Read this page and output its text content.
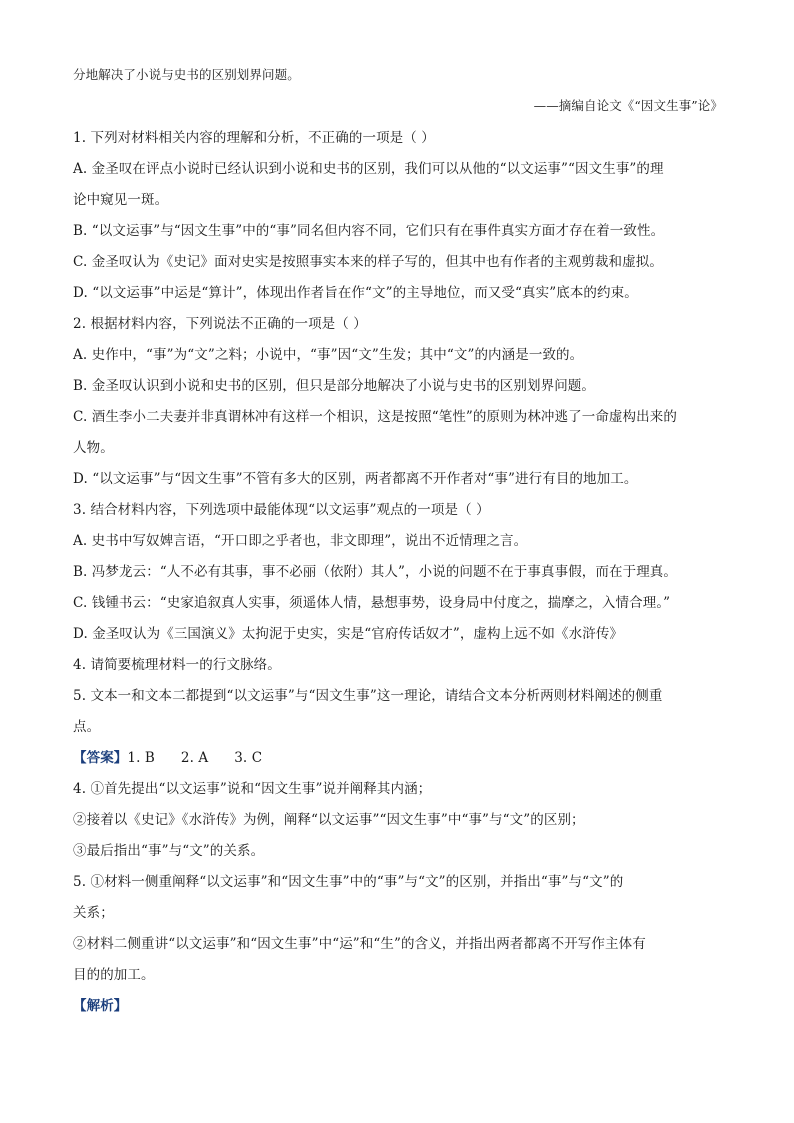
分地解决了小说与史书的区别划界问题。
——摘编自论文《“因文生事”论》
1. 下列对材料相关内容的理解和分析，不正确的一项是（ ）
A. 金圣叹在评点小说时已经认识到小说和史书的区别，我们可以从他的“以文运事”“因文生事”的理
论中窥见一斑。
B. “以文运事”与“因文生事”中的“事”同名但内容不同，它们只有在事件真实方面才存在着一致性。
C. 金圣叹认为《史记》面对史实是按照事实本来的样子写的，但其中也有作者的主观剪裁和虚拟。
D. “以文运事”中运是“算计”，体现出作者旨在作“文”的主导地位，而又受“真实”底本的约束。
2. 根据材料内容，下列说法不正确的一项是（ ）
A. 史作中，“事”为“文”之料；小说中，“事”因“文”生发；其中“文”的内涵是一致的。
B. 金圣叹认识到小说和史书的区别，但只是部分地解决了小说与史书的区别划界问题。
C. 酒生李小二夫妻并非真谓林冲有这样一个相识，这是按照“笔性”的原则为林冲逃了一命虚构出来的
人物。
D. “以文运事”与“因文生事”不管有多大的区别，两者都离不开作者对“事”进行有目的地加工。
3. 结合材料内容，下列选项中最能体现“以文运事”观点的一项是（ ）
A. 史书中写奴婢言语，“开口即之乎者也，非文即理”，说出不近情理之言。
B. 冯梦龙云：“人不必有其事，事不必丽（依附）其人”，小说的问题不在于事真事假，而在于理真。
C. 钱锺书云：“史家追叙真人实事，须遥体人情，悬想事势，设身局中付度之，揣摩之，入情合理。”
D. 金圣叹认为《三国演义》太拘泥于史实，实是“官府传话奴才”，虚构上远不如《水浒传》
4. 请简要梳理材料一的行文脉络。
5. 文本一和文本二都提到“以文运事”与“因文生事”这一理论，请结合文本分析两则材料阐述的侧重
点。
【答案】1. B 2. A 3. C
4. ①首先提出“以文运事”说和“因文生事”说并阐释其内涵；
②接着以《史记》《水浒传》为例，阐释“以文运事”“因文生事”中“事”与“文”的区别；
③最后指出“事”与“文”的关系。
5. ①材料一侧重阐释“以文运事”和“因文生事”中的“事”与“文”的区别，并指出“事”与“文”的
关系；
②材料二侧重讲“以文运事”和“因文生事”中“运”和“生”的含义，并指出两者都离不开写作主体有
目的的加工。
【解析】
